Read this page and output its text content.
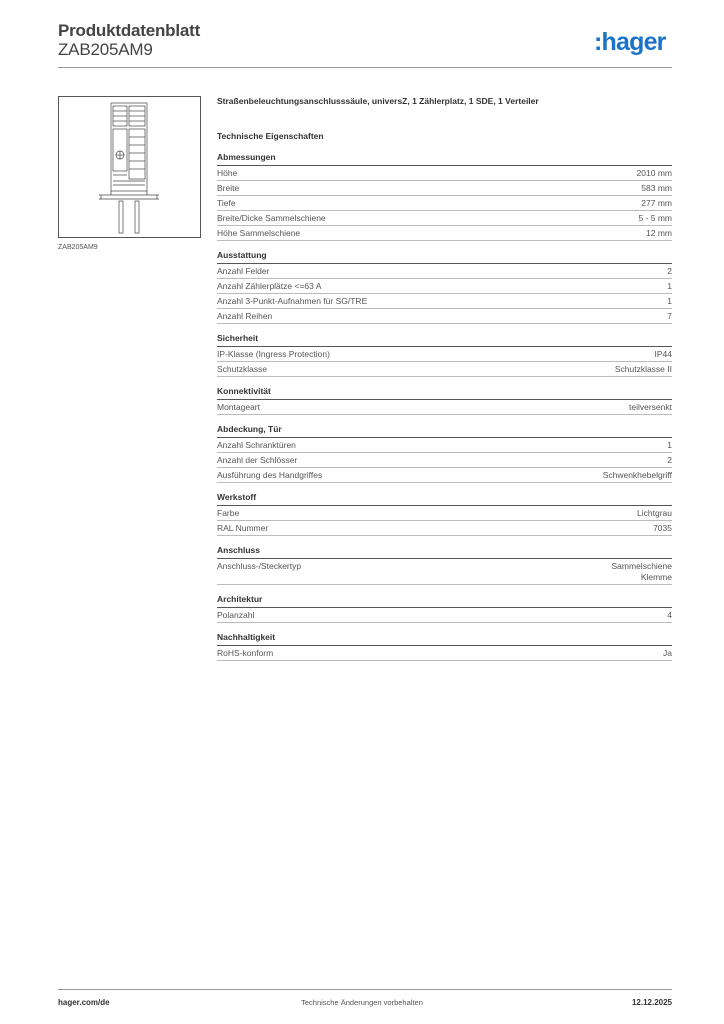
Produktdatenblatt
ZAB205AM9	:hager
ZAB205AM9
Straßenbeleuchtungsanschlusssäule, universZ, 1 Zählerplatz, 1 SDE, 1 Verteiler
Technische Eigenschaften
Abmessungen
Höhe	2010 mm
Breite	583 mm
Tiefe	277 mm
Breite/Dicke Sammelschiene	5 - 5 mm
Höhe Sammelschiene	12 mm
Ausstattung
Anzahl Felder	2
Anzahl Zählerplätze <=63 A	1
Anzahl 3-Punkt-Aufnahmen für SG/TRE	1
Anzahl Reihen	7
Sicherheit
IP-Klasse (Ingress Protection)	IP44
Schutzklasse	Schutzklasse II
Konnektivität
Montageart	teilversenkt
Abdeckung, Tür
Anzahl Schranktüren	1
Anzahl der Schlösser	2
Ausführung des Handgriffes	Schwenkhebelgriff
Werkstoff
Farbe	Lichtgrau
RAL Nummer	7035
Anschluss
Anschluss-/Steckertyp	Sammelschiene
Klemme
Architektur
Polanzahl	4
Nachhaltigkeit
RoHS-konform	Ja
hager.com/de	Technische Änderungen vorbehalten	12.12.2025
